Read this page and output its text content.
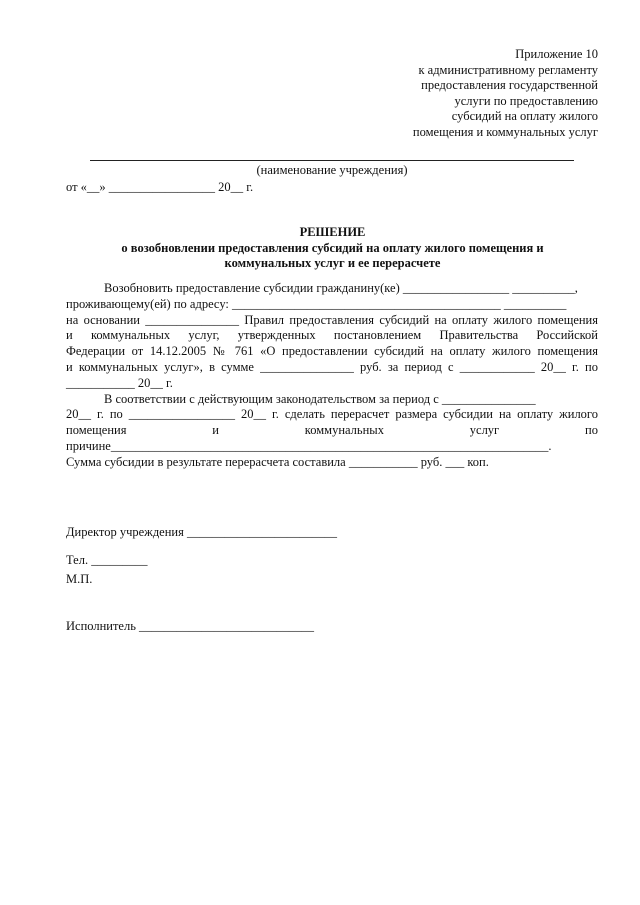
Приложение 10
к административному регламенту
предоставления государственной
услуги по предоставлению
субсидий на оплату жилого
помещения и коммунальных услуг
(наименование учреждения)
от «__» _________________ 20__ г.
РЕШЕНИЕ
о возобновлении предоставления субсидий на оплату жилого помещения и
коммунальных услуг и ее перерасчете
Возобновить предоставление субсидии гражданину(ке) _________________ __________,
проживающему(ей) по адресу: ___________________________________________ __________
на основании _______________ Правил предоставления субсидий на оплату жилого помещения
и коммунальных услуг, утвержденных постановлением Правительства Российской
Федерации от 14.12.2005 № 761 «О предоставлении субсидий на оплату жилого помещения
и коммунальных услуг», в сумме _______________ руб. за период с ____________ 20__ г. по
___________ 20__ г.
В соответствии с действующим законодательством за период с _______________
20__ г. по _________________ 20__ г. сделать перерасчет размера субсидии на оплату жилого
помещения	и	коммунальных	услуг	по
причине______________________________________________________________________.
Сумма субсидии в результате перерасчета составила ___________ руб. ___ коп.

Директор учреждения ________________________

М.П.

Исполнитель ____________________________

Тел. _________
